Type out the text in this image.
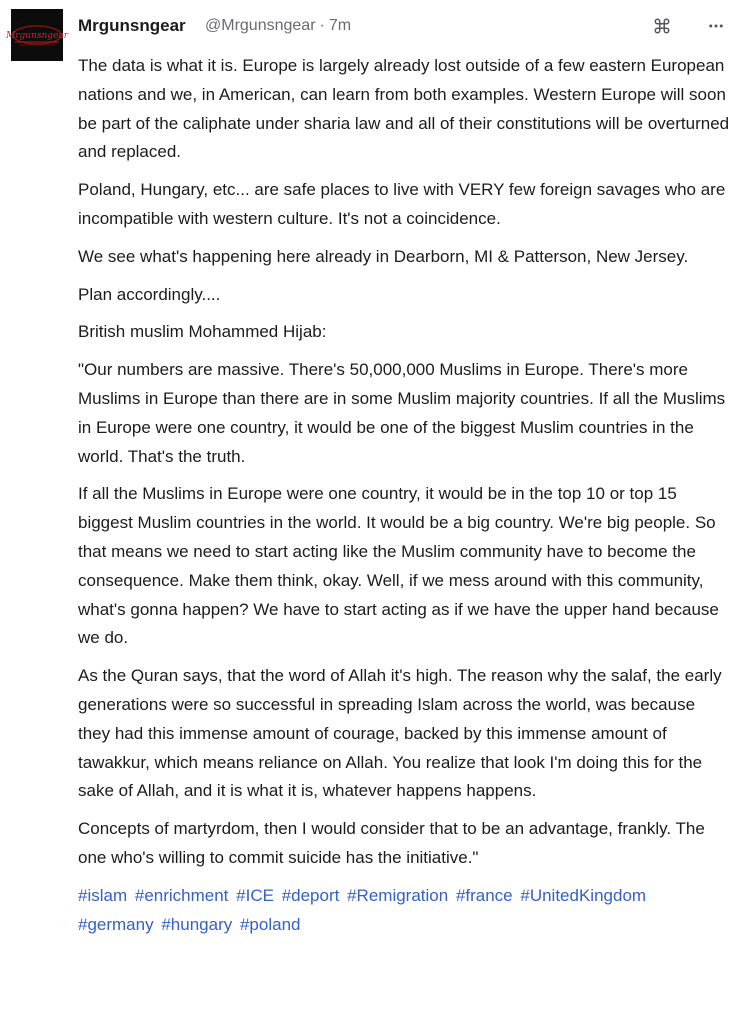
Mrgunsngear
Mrgunsngear @Mrgunsngear · 7m

The data is what it is. Europe is largely already lost outside of a few eastern European nations and we, in American, can learn from both examples. Western Europe will soon be part of the caliphate under sharia law and all of their constitutions will be overturned and replaced.

Poland, Hungary, etc... are safe places to live with VERY few foreign savages who are incompatible with western culture. It's not a coincidence.

We see what's happening here already in Dearborn, MI & Patterson, New Jersey.

Plan accordingly....

British muslim Mohammed Hijab:

"Our numbers are massive. There's 50,000,000 Muslims in Europe. There's more Muslims in Europe than there are in some Muslim majority countries. If all the Muslims in Europe were one country, it would be one of the biggest Muslim countries in the world. That's the truth.

If all the Muslims in Europe were one country, it would be in the top 10 or top 15 biggest Muslim countries in the world. It would be a big country. We're big people. So that means we need to start acting like the Muslim community have to become the consequence. Make them think, okay. Well, if we mess around with this community, what's gonna happen? We have to start acting as if we have the upper hand because we do.

As the Quran says, that the word of Allah it's high. The reason why the salaf, the early generations were so successful in spreading Islam across the world, was because they had this immense amount of courage, backed by this immense amount of tawakkur, which means reliance on Allah. You realize that look I'm doing this for the sake of Allah, and it is what it is, whatever happens happens.

Concepts of martyrdom, then I would consider that to be an advantage, frankly. The one who's willing to commit suicide has the initiative."

#islam #enrichment #ICE #deport #Remigration #france #UnitedKingdom #germany #hungary #poland
